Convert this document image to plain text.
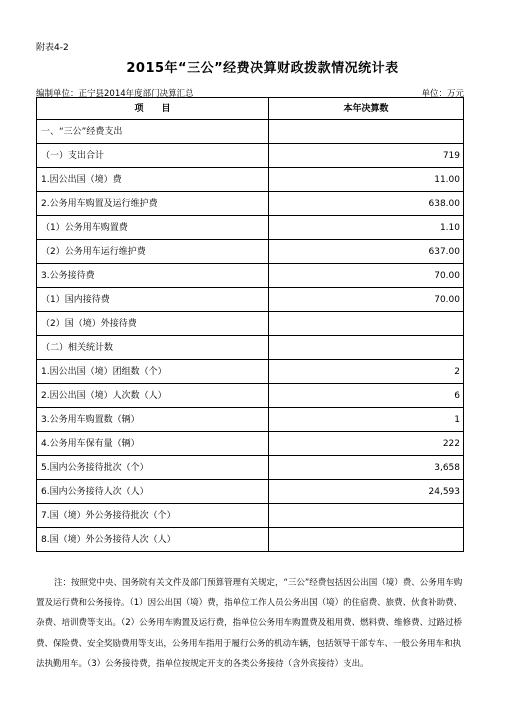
附表4-2
2015年“三公”经费决算财政拨款情况统计表
编制单位：正宁县2014年度部门决算汇总	单位：万元
项　　目	本年决算数
一、“三公”经费支出	
（一）支出合计	719
1.因公出国（境）费	11.00
2.公务用车购置及运行维护费	638.00
（1）公务用车购置费	1.10
（2）公务用车运行维护费	637.00
3.公务接待费	70.00
（1）国内接待费	70.00
（2）国（境）外接待费	
（二）相关统计数	
1.因公出国（境）团组数（个）	2
2.因公出国（境）人次数（人）	6
3.公务用车购置数（辆）	1
4.公务用车保有量（辆）	222
5.国内公务接待批次（个）	3,658
6.国内公务接待人次（人）	24,593
7.国（境）外公务接待批次（个）	
8.国（境）外公务接待人次（人）	
注：按照党中央、国务院有关文件及部门预算管理有关规定，“三公”经费包括因公出国（境）费、公务用车购置及运行费和公务接待。（1）因公出国（境）费，指单位工作人员公务出国（境）的住宿费、旅费、伙食补助费、杂费、培训费等支出。（2）公务用车购置及运行费，指单位公务用车购置费及租用费、燃料费、维修费、过路过桥费、保险费、安全奖励费用等支出，公务用车指用于履行公务的机动车辆，包括领导干部专车、一般公务用车和执法执勤用车。（3）公务接待费，指单位按规定开支的各类公务接待（含外宾接待）支出。
